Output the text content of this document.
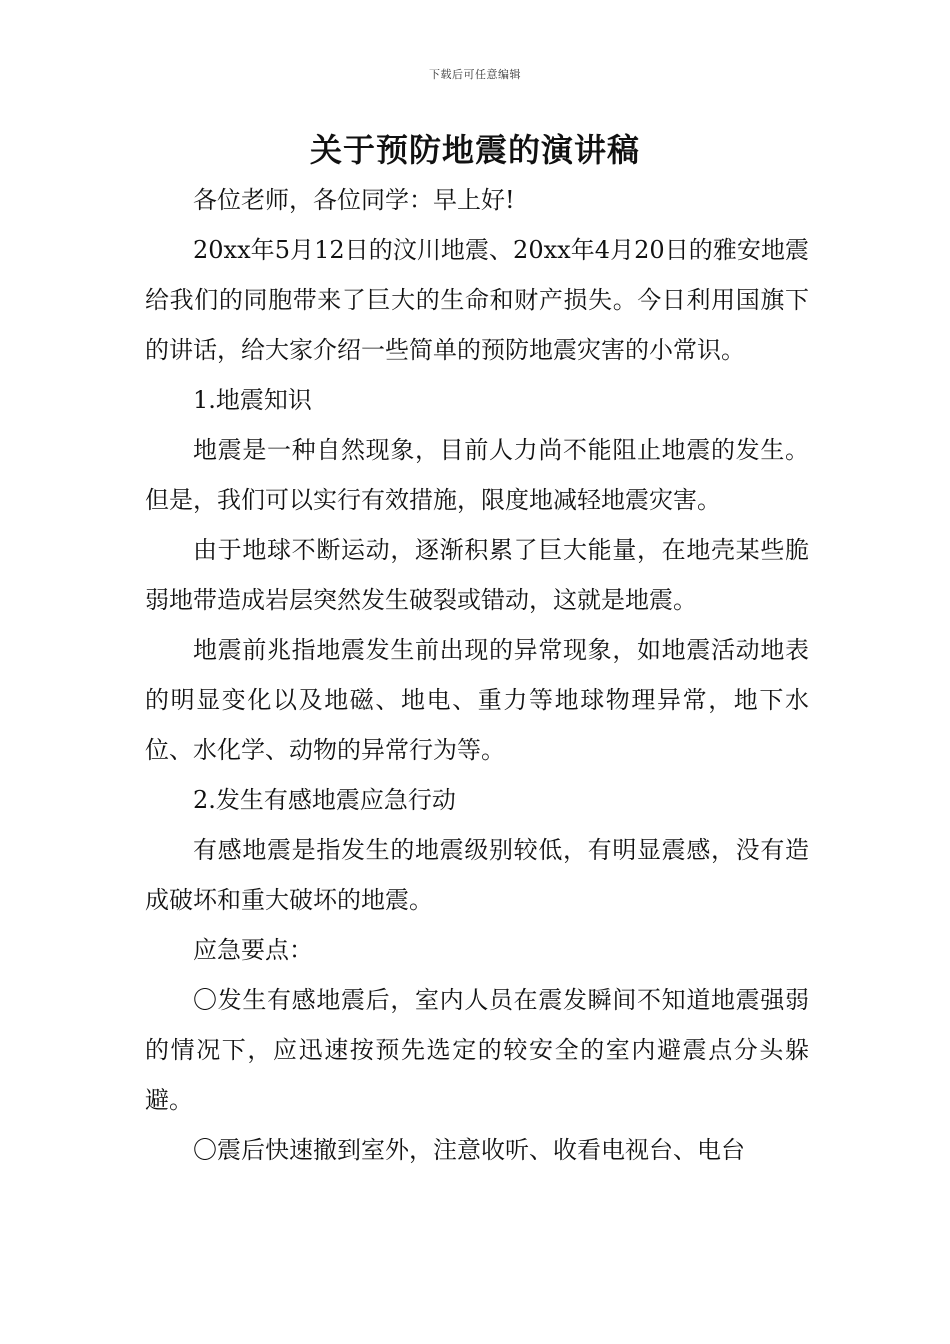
下载后可任意编辑
关于预防地震的演讲稿

各位老师，各位同学：早上好!

20xx年5月12日的汶川地震、20xx年4月20日的雅安地震给我们的同胞带来了巨大的生命和财产损失。今日利用国旗下的讲话，给大家介绍一些简单的预防地震灾害的小常识。

1.地震知识

地震是一种自然现象，目前人力尚不能阻止地震的发生。但是，我们可以实行有效措施，限度地减轻地震灾害。

由于地球不断运动，逐渐积累了巨大能量，在地壳某些脆弱地带造成岩层突然发生破裂或错动，这就是地震。

地震前兆指地震发生前出现的异常现象，如地震活动地表的明显变化以及地磁、地电、重力等地球物理异常，地下水位、水化学、动物的异常行为等。

2.发生有感地震应急行动

有感地震是指发生的地震级别较低，有明显震感，没有造成破坏和重大破坏的地震。

应急要点：

〇发生有感地震后，室内人员在震发瞬间不知道地震强弱的情况下，应迅速按预先选定的较安全的室内避震点分头躲避。

〇震后快速撤到室外，注意收听、收看电视台、电台
